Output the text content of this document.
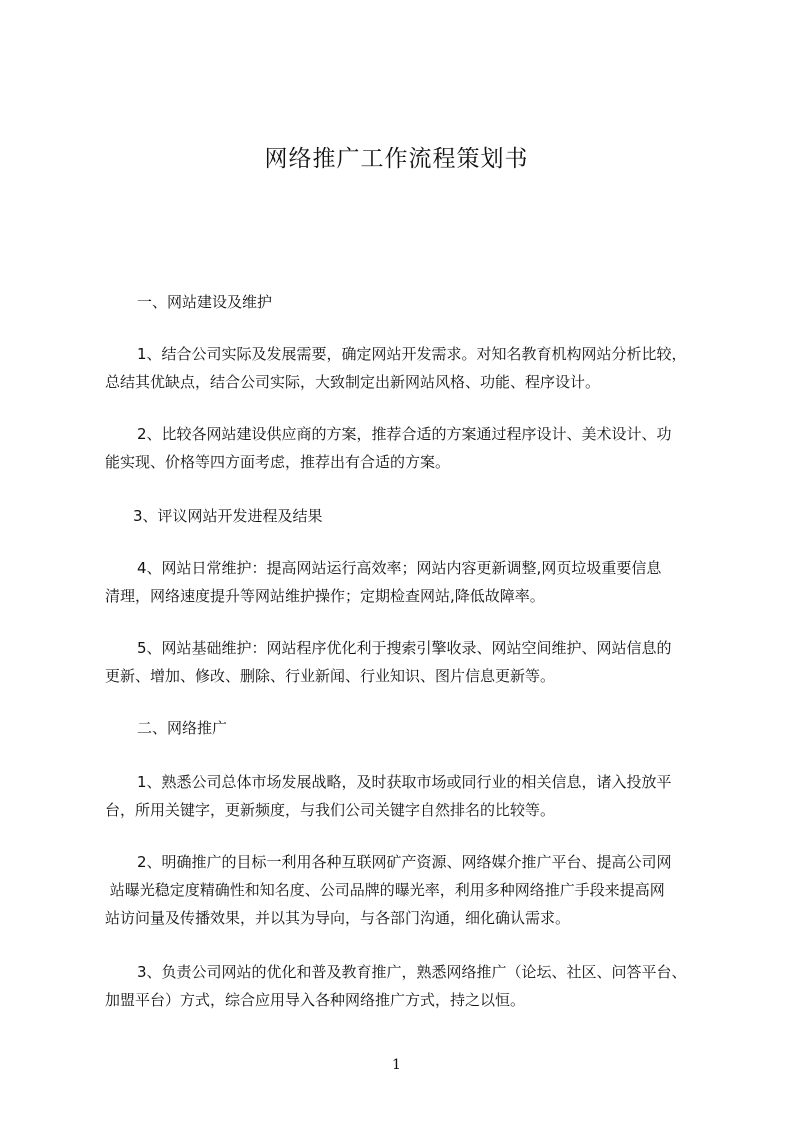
网络推广工作流程策划书

一、网站建设及维护

1、结合公司实际及发展需要，确定网站开发需求。对知名教育机构网站分析比较，

总结其优缺点，结合公司实际，大致制定出新网站风格、功能、程序设计。

2、比较各网站建设供应商的方案，推荐合适的方案通过程序设计、美术设计、功

能实现、价格等四方面考虑，推荐出有合适的方案。

3、评议网站开发进程及结果

4、网站日常维护：提高网站运行高效率；网站内容更新调整,网页垃圾重要信息

清理，网络速度提升等网站维护操作；定期检查网站,降低故障率。

5、网站基础维护：网站程序优化利于搜索引擎收录、网站空间维护、网站信息的

更新、增加、修改、删除、行业新闻、行业知识、图片信息更新等。

二、网络推广

1、熟悉公司总体市场发展战略，及时获取市场或同行业的相关信息，诸入投放平

台，所用关键字，更新频度，与我们公司关键字自然排名的比较等。

2、明确推广的目标一利用各种互联网矿产资源、网络媒介推广平台、提高公司网

站曝光稳定度精确性和知名度、公司品牌的曝光率，利用多种网络推广手段来提高网

站访问量及传播效果，并以其为导向，与各部门沟通，细化确认需求。

3、负责公司网站的优化和普及教育推广，熟悉网络推广（论坛、社区、问答平台、

加盟平台）方式，综合应用导入各种网络推广方式，持之以恒。

1
